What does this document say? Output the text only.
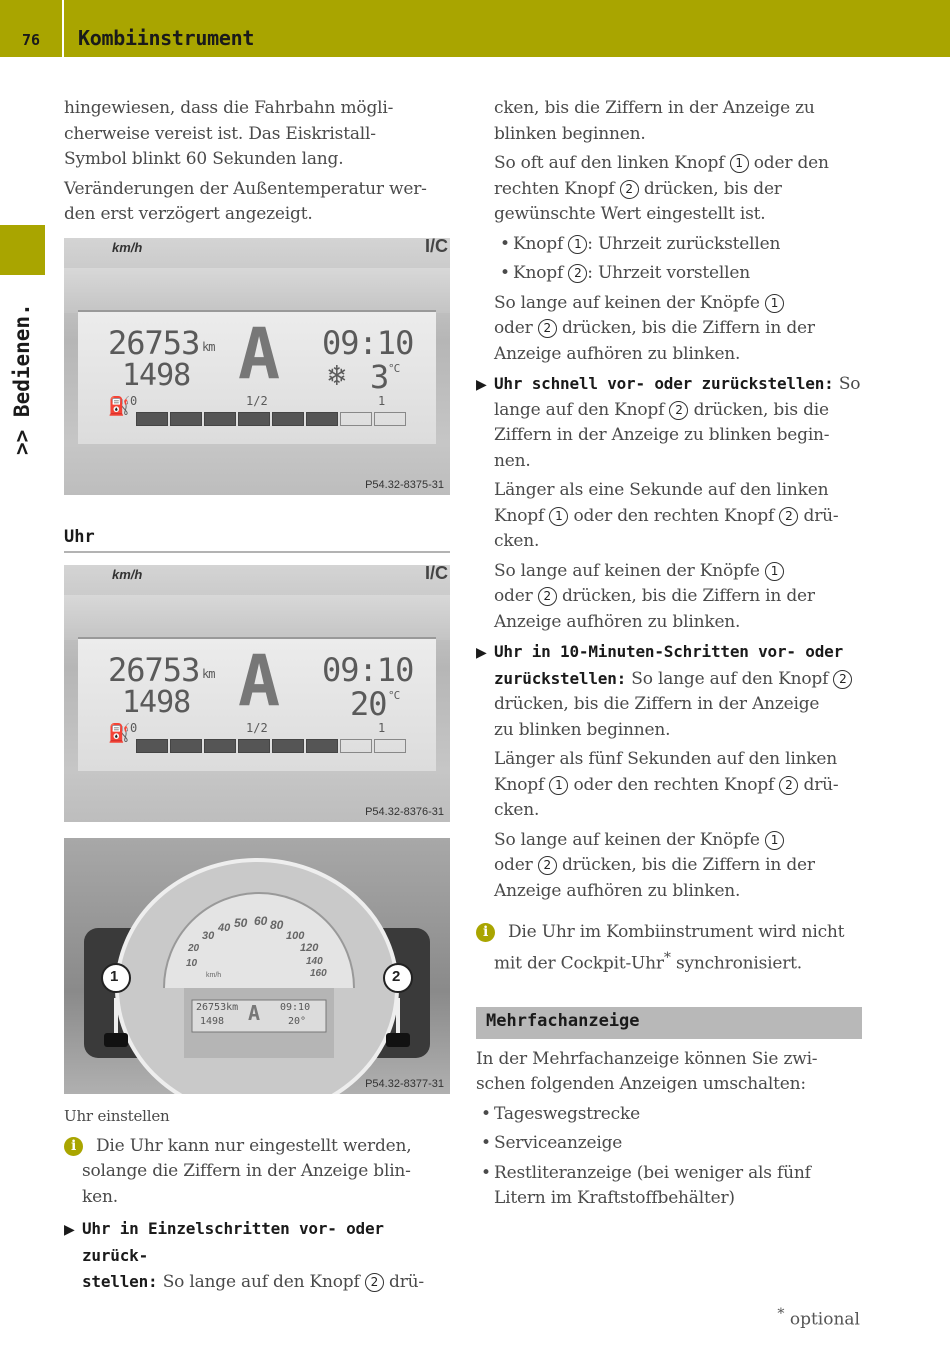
76 Kombiinstrument
>> Bedienen.

hingewiesen, dass die Fahrbahn mögli-
cherweise vereist ist. Das Eiskristall-
Symbol blinkt 60 Sekunden lang.

Veränderungen der Außentemperatur wer-
den erst verzögert angezeigt.

km/h	I/C
26753 km
1498 A 09:10
❄ 3 °C
⛽ 0	1/2	1
P54.32-8375-31
Uhr
km/h	I/C
26753 km
1498 A 09:10
20 °C
⛽ 0	1/2	1
P54.32-8376-31
1	2
10
20
30
40 50 60 80
100
120
140
160
km/h
26753km
1498 A 09:10
20°
P54.32-8377-31

Uhr einstellen

i	Die Uhr kann nur eingestellt werden,
solange die Ziffern in der Anzeige blin-
ken.

▶ Uhr in Einzelschritten vor- oder zurück-
stellen: So lange auf den Knopf 2 drü-

cken, bis die Ziffern in der Anzeige zu
blinken beginnen.

So oft auf den linken Knopf 1 oder den
rechten Knopf 2 drücken, bis der
gewünschte Wert eingestellt ist.

• Knopf 1 : Uhrzeit zurückstellen

• Knopf 2 : Uhrzeit vorstellen

So lange auf keinen der Knöpfe 1
oder 2 drücken, bis die Ziffern in der
Anzeige aufhören zu blinken.

▶ Uhr schnell vor- oder zurückstellen: So
lange auf den Knopf 2 drücken, bis die
Ziffern in der Anzeige zu blinken begin-
nen.

Länger als eine Sekunde auf den linken
Knopf 1 oder den rechten Knopf 2 drü-
cken.

So lange auf keinen der Knöpfe 1
oder 2 drücken, bis die Ziffern in der
Anzeige aufhören zu blinken.

▶ Uhr in 10-Minuten-Schritten vor- oder
zurückstellen: So lange auf den Knopf 2
drücken, bis die Ziffern in der Anzeige
zu blinken beginnen.

Länger als fünf Sekunden auf den linken
Knopf 1 oder den rechten Knopf 2 drü-
cken.

So lange auf keinen der Knöpfe 1
oder 2 drücken, bis die Ziffern in der
Anzeige aufhören zu blinken.

i	Die Uhr im Kombiinstrument wird nicht
mit der Cockpit-Uhr* synchronisiert.

Mehrfachanzeige

In der Mehrfachanzeige können Sie zwi-
schen folgenden Anzeigen umschalten:

• Tageswegstrecke

• Serviceanzeige

• Restliteranzeige (bei weniger als fünf
Litern im Kraftstoffbehälter)

* optional
